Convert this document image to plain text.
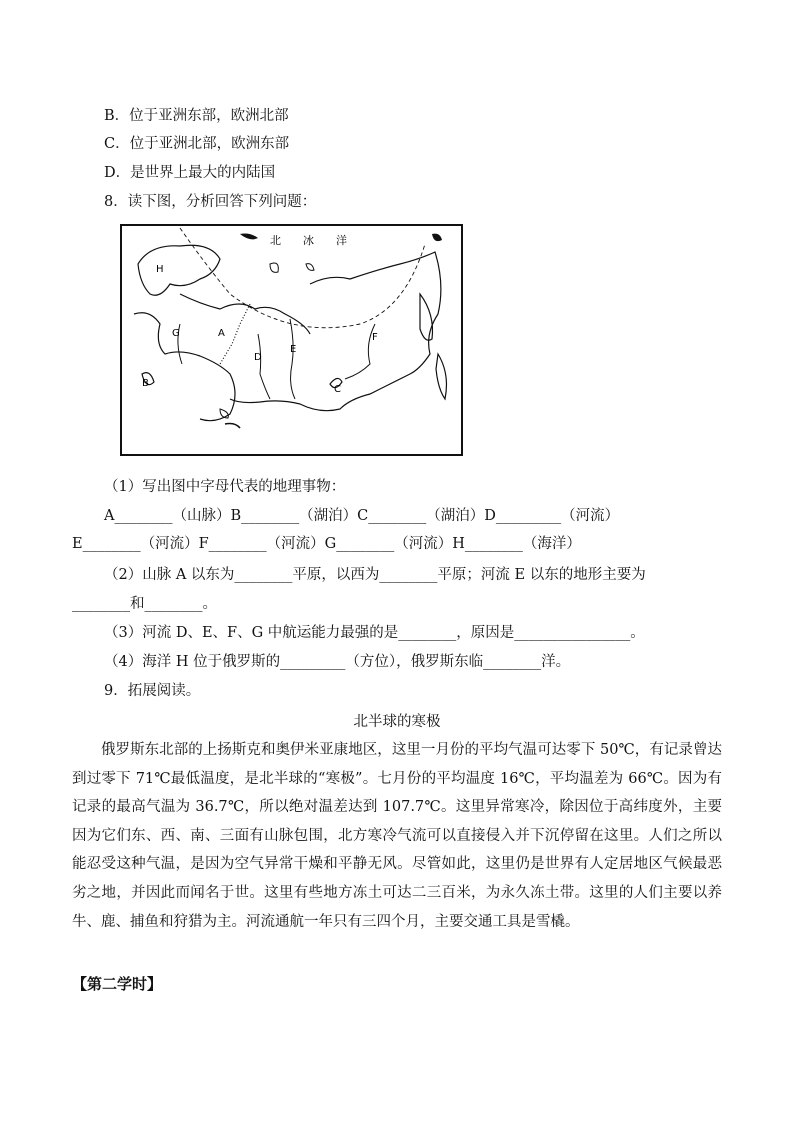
B．位于亚洲东部，欧洲北部
C．位于亚洲北部，欧洲东部
D．是世界上最大的内陆国
8．读下图，分析回答下列问题：
北　　冰　　洋
H
A
G
B
D
E
F
C
（1）写出图中字母代表的地理事物：
A________（山脉）B________（湖泊）C________（湖泊）D_________（河流）
E________（河流）F________（河流）G________（河流）H________（海洋）
（2）山脉 A 以东为________平原，以西为________平原；河流 E 以东的地形主要为
________和________。
（3）河流 D、E、F、G 中航运能力最强的是________，原因是________________。
（4）海洋 H 位于俄罗斯的_________（方位），俄罗斯东临________洋。
9．拓展阅读。
北半球的寒极
俄罗斯东北部的上扬斯克和奥伊米亚康地区，这里一月份的平均气温可达零下 50℃，有记录曾达到过零下 71℃最低温度，是北半球的“寒极”。七月份的平均温度 16℃，平均温差为 66℃。因为有记录的最高气温为 36.7℃，所以绝对温差达到 107.7℃。这里异常寒冷，除因位于高纬度外，主要因为它们东、西、南、三面有山脉包围，北方寒冷气流可以直接侵入并下沉停留在这里。人们之所以能忍受这种气温，是因为空气异常干燥和平静无风。尽管如此，这里仍是世界有人定居地区气候最恶劣之地，并因此而闻名于世。这里有些地方冻土可达二三百米，为永久冻土带。这里的人们主要以养牛、鹿、捕鱼和狩猎为主。河流通航一年只有三四个月，主要交通工具是雪橇。
【第二学时】
